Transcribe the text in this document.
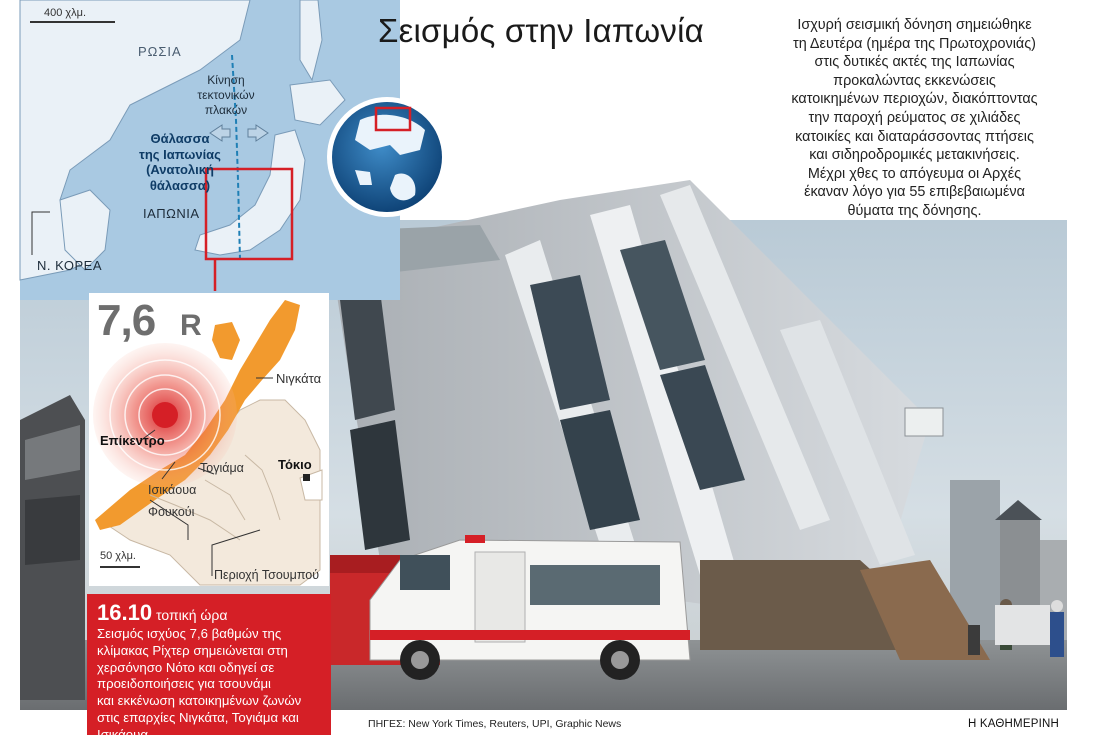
Σεισμός στην Ιαπωνία	Ισχυρή σεισμική δόνηση σημειώθηκε
τη Δευτέρα (ημέρα της Πρωτοχρονιάς)
στις δυτικές ακτές της Ιαπωνίας
προκαλώντας εκκενώσεις
κατοικημένων περιοχών, διακόπτοντας
την παροχή ρεύματος σε χιλιάδες
κατοικίες και διαταράσσοντας πτήσεις
και σιδηροδρομικές μετακινήσεις.
Μέχρι χθες το απόγευμα οι Αρχές
έκαναν λόγο για 55 επιβεβαιωμένα
θύματα της δόνησης.
400 χλμ.
ΡΩΣΙΑ
Κίνηση
τεκτονικών
πλακών
Θάλασσα
της Ιαπωνίας
(Ανατολική
θάλασσα)
ΙΑΠΩΝΙΑ
Ν. ΚΟΡΕΑ
7,6 R
Νιγκάτα
Επίκεντρο
Τογιάμα	Τόκιο
Ισικάουα
Φουκούι
50 χλμ.
Περιοχή Τσουμπού
16.10 τοπική ώρα
Σεισμός ισχύος 7,6 βαθμών της
κλίμακας Ρίχτερ σημειώνεται στη
χερσόνησο Νότο και οδηγεί σε
προειδοποιήσεις για τσουνάμι
και εκκένωση κατοικημένων ζωνών
στις επαρχίες Νιγκάτα, Τογιάμα και
Ισικάουα.
ΠΗΓΕΣ: New York Times, Reuters, UPI, Graphic News	Η ΚΑΘΗΜΕΡΙΝΗ
